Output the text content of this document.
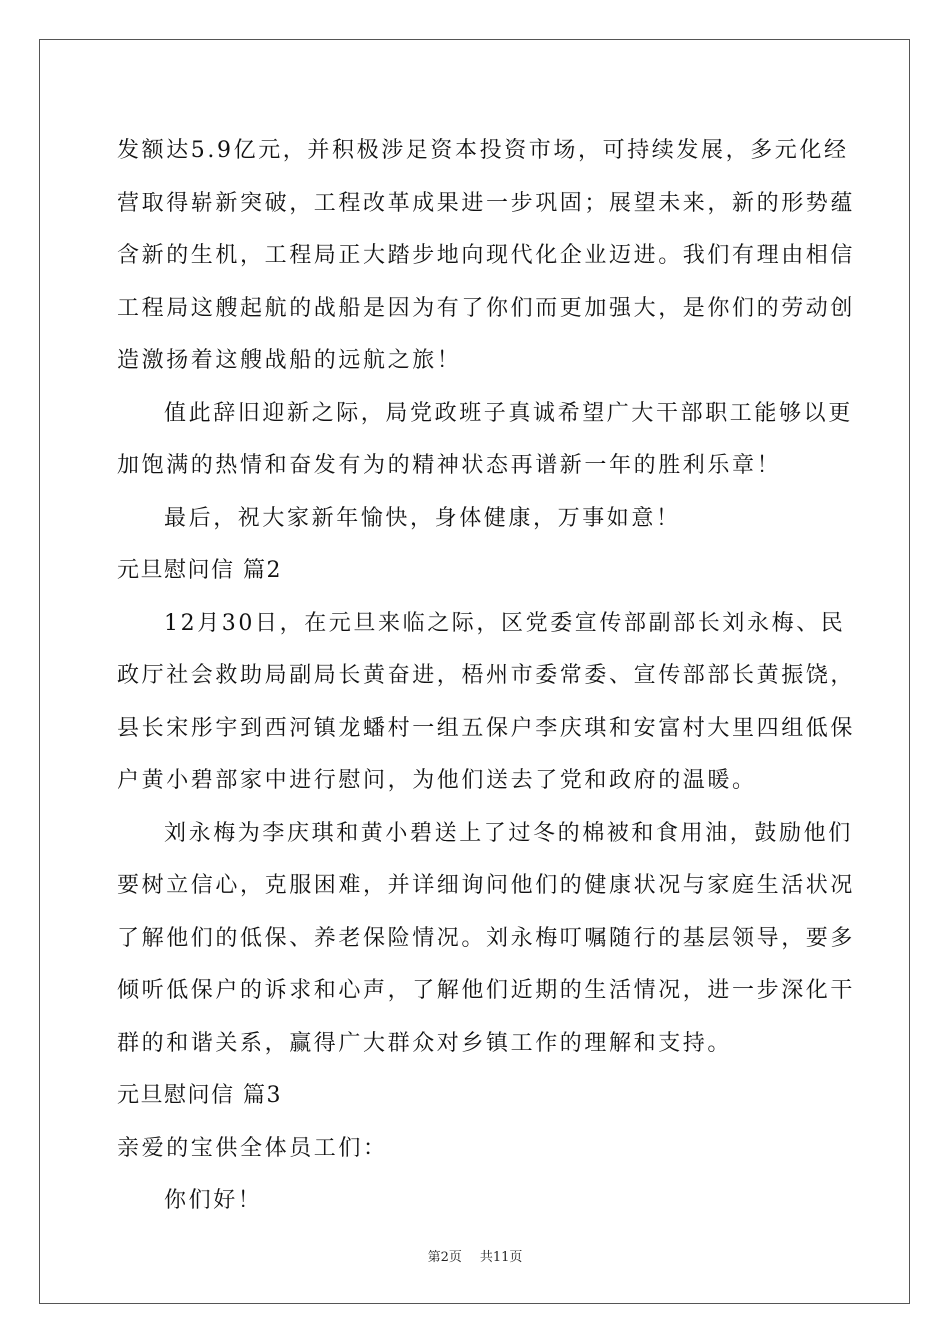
发额达5.9亿元，并积极涉足资本投资市场，可持续发展，多元化经
营取得崭新突破，工程改革成果进一步巩固；展望未来，新的形势蕴
含新的生机，工程局正大踏步地向现代化企业迈进。我们有理由相信
工程局这艘起航的战船是因为有了你们而更加强大，是你们的劳动创
造激扬着这艘战船的远航之旅！
值此辞旧迎新之际，局党政班子真诚希望广大干部职工能够以更
加饱满的热情和奋发有为的精神状态再谱新一年的胜利乐章！
最后，祝大家新年愉快，身体健康，万事如意！
元旦慰问信 篇2
12月30日，在元旦来临之际，区党委宣传部副部长刘永梅、民
政厅社会救助局副局长黄奋进，梧州市委常委、宣传部部长黄振饶，
县长宋彤宇到西河镇龙蟠村一组五保户李庆琪和安富村大里四组低保
户黄小碧部家中进行慰问，为他们送去了党和政府的温暖。
刘永梅为李庆琪和黄小碧送上了过冬的棉被和食用油，鼓励他们
要树立信心，克服困难，并详细询问他们的健康状况与家庭生活状况
了解他们的低保、养老保险情况。刘永梅叮嘱随行的基层领导，要多
倾听低保户的诉求和心声，了解他们近期的生活情况，进一步深化干
群的和谐关系，赢得广大群众对乡镇工作的理解和支持。
元旦慰问信 篇3
亲爱的宝供全体员工们：
你们好！
第2页 共11页
